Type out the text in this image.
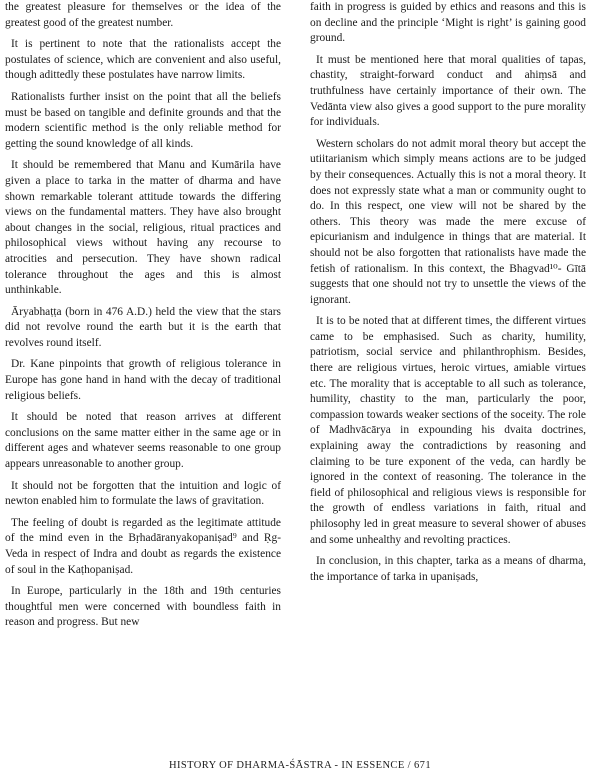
the greatest pleasure for themselves or the idea of the greatest good of the greatest number.

It is pertinent to note that the rationalists accept the postulates of science, which are convenient and also useful, though adittedly these postulates have narrow limits.

Rationalists further insist on the point that all the beliefs must be based on tangible and definite grounds and that the modern scientific method is the only reliable method for getting the sound knowledge of all kinds.

It should be remembered that Manu and Kumārila have given a place to tarka in the matter of dharma and have shown remarkable tolerant attitude towards the differing views on the fundamental matters. They have also brought about changes in the social, religious, ritual practices and philosophical views without having any recourse to atrocities and persecution. They have shown radical tolerance throughout the ages and this is almost unthinkable.

Āryabhaṭṭa (born in 476 A.D.) held the view that the stars did not revolve round the earth but it is the earth that revolves round itself.

Dr. Kane pinpoints that growth of religious tolerance in Europe has gone hand in hand with the decay of traditional religious beliefs.

It should be noted that reason arrives at different conclusions on the same matter either in the same age or in different ages and whatever seems reasonable to one group appears unreasonable to another group.

It should not be forgotten that the intuition and logic of newton enabled him to formulate the laws of gravitation.

The feeling of doubt is regarded as the legitimate attitude of the mind even in the Bṛhadāranyakopaniṣad⁹ and Ṛg-Veda in respect of Indra and doubt as regards the existence of soul in the Kaṭhopaniṣad.

In Europe, particularly in the 18th and 19th centuries thoughtful men were concerned with boundless faith in reason and progress. But new

faith in progress is guided by ethics and reasons and this is on decline and the principle ‘Might is right’ is gaining good ground.

It must be mentioned here that moral qualities of tapas, chastity, straight-forward conduct and ahiṃsā and truthfulness have certainly importance of their own. The Vedānta view also gives a good support to the pure morality for individuals.

Western scholars do not admit moral theory but accept the utiitarianism which simply means actions are to be judged by their consequences. Actually this is not a moral theory. It does not expressly state what a man or community ought to do. In this respect, one view will not be shared by the others. This theory was made the mere excuse of epicurianism and indulgence in things that are material. It should not be also forgotten that rationalists have made the fetish of rationalism. In this context, the Bhagvad¹⁰- Gītā suggests that one should not try to unsettle the views of the ignorant.

It is to be noted that at different times, the different virtues came to be emphasised. Such as charity, humility, patriotism, social service and philanthrophism. Besides, there are religious virtues, heroic virtues, amiable virtues etc. The morality that is acceptable to all such as tolerance, humility, chastity to the man, particularly the poor, compassion towards weaker sections of the soceity. The role of Madhvācārya in expounding his dvaita doctrines, explaining away the contradictions by reasoning and claiming to be ture exponent of the veda, can hardly be ignored in the context of reasoning. The tolerance in the field of philosophical and religious views is responsible for the growth of endless variations in faith, ritual and philosophy led in great measure to several shower of abuses and some unhealthy and revolting practices.

In conclusion, in this chapter, tarka as a means of dharma, the importance of tarka in upaniṣads,

HISTORY OF DHARMA-ŚĀSTRA - IN ESSENCE / 671
